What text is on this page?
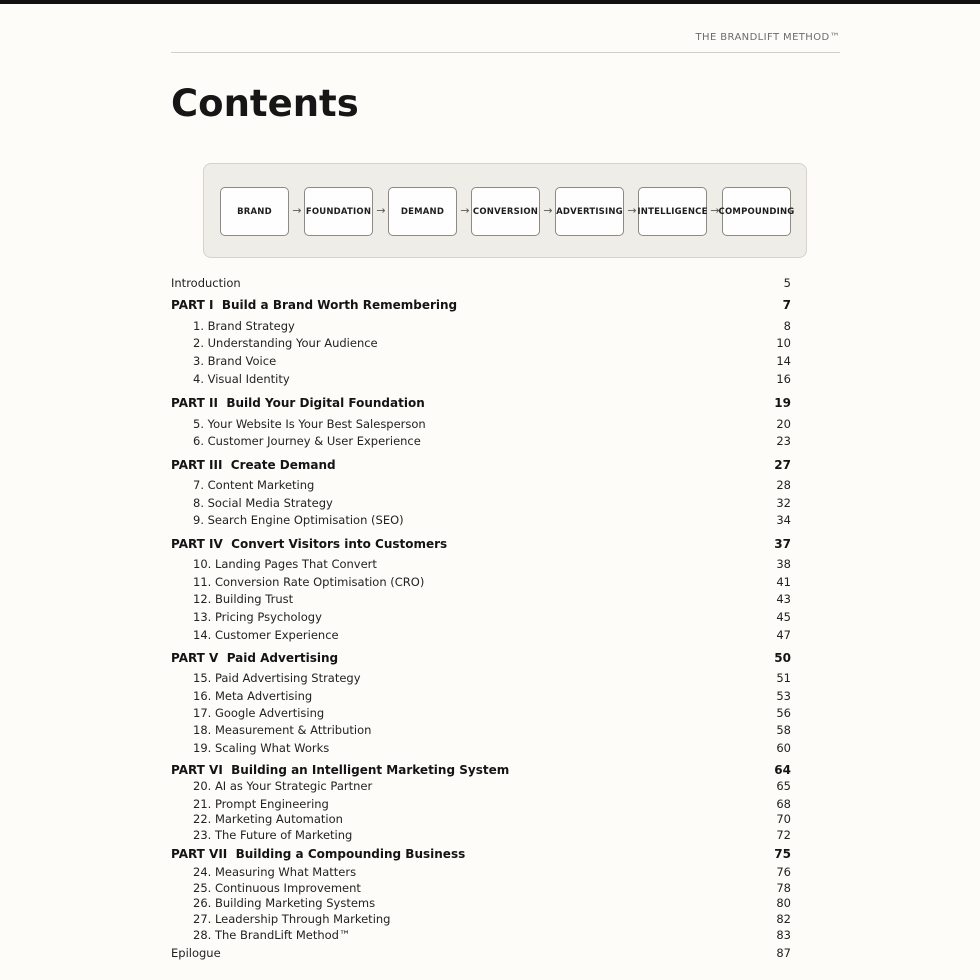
THE BRANDLIFT METHOD™
Contents
BRAND	→ FOUNDATION →	DEMAND	→ CONVERSION → ADVERTISING → INTELLIGENCE →
COMPOUNDING
Introduction	5
PART I  Build a Brand Worth Remembering	7
1. Brand Strategy	8
2. Understanding Your Audience	10
3. Brand Voice	14
4. Visual Identity	16
PART II  Build Your Digital Foundation	19
5. Your Website Is Your Best Salesperson	20
6. Customer Journey & User Experience	23
PART III  Create Demand	27
7. Content Marketing	28
8. Social Media Strategy	32
9. Search Engine Optimisation (SEO)	34
PART IV  Convert Visitors into Customers	37
10. Landing Pages That Convert	38
11. Conversion Rate Optimisation (CRO)	41
12. Building Trust	43
13. Pricing Psychology	45
14. Customer Experience	47
PART V  Paid Advertising	50
15. Paid Advertising Strategy	51
16. Meta Advertising	53
17. Google Advertising	56
18. Measurement & Attribution	58
19. Scaling What Works	60
PART VI  Building an Intelligent Marketing System	64
20. AI as Your Strategic Partner	65
21. Prompt Engineering	68
22. Marketing Automation	70
23. The Future of Marketing	72
PART VII  Building a Compounding Business	75
24. Measuring What Matters	76
25. Continuous Improvement	78
26. Building Marketing Systems	80
27. Leadership Through Marketing	82
28. The BrandLift Method™	83
Epilogue	87
